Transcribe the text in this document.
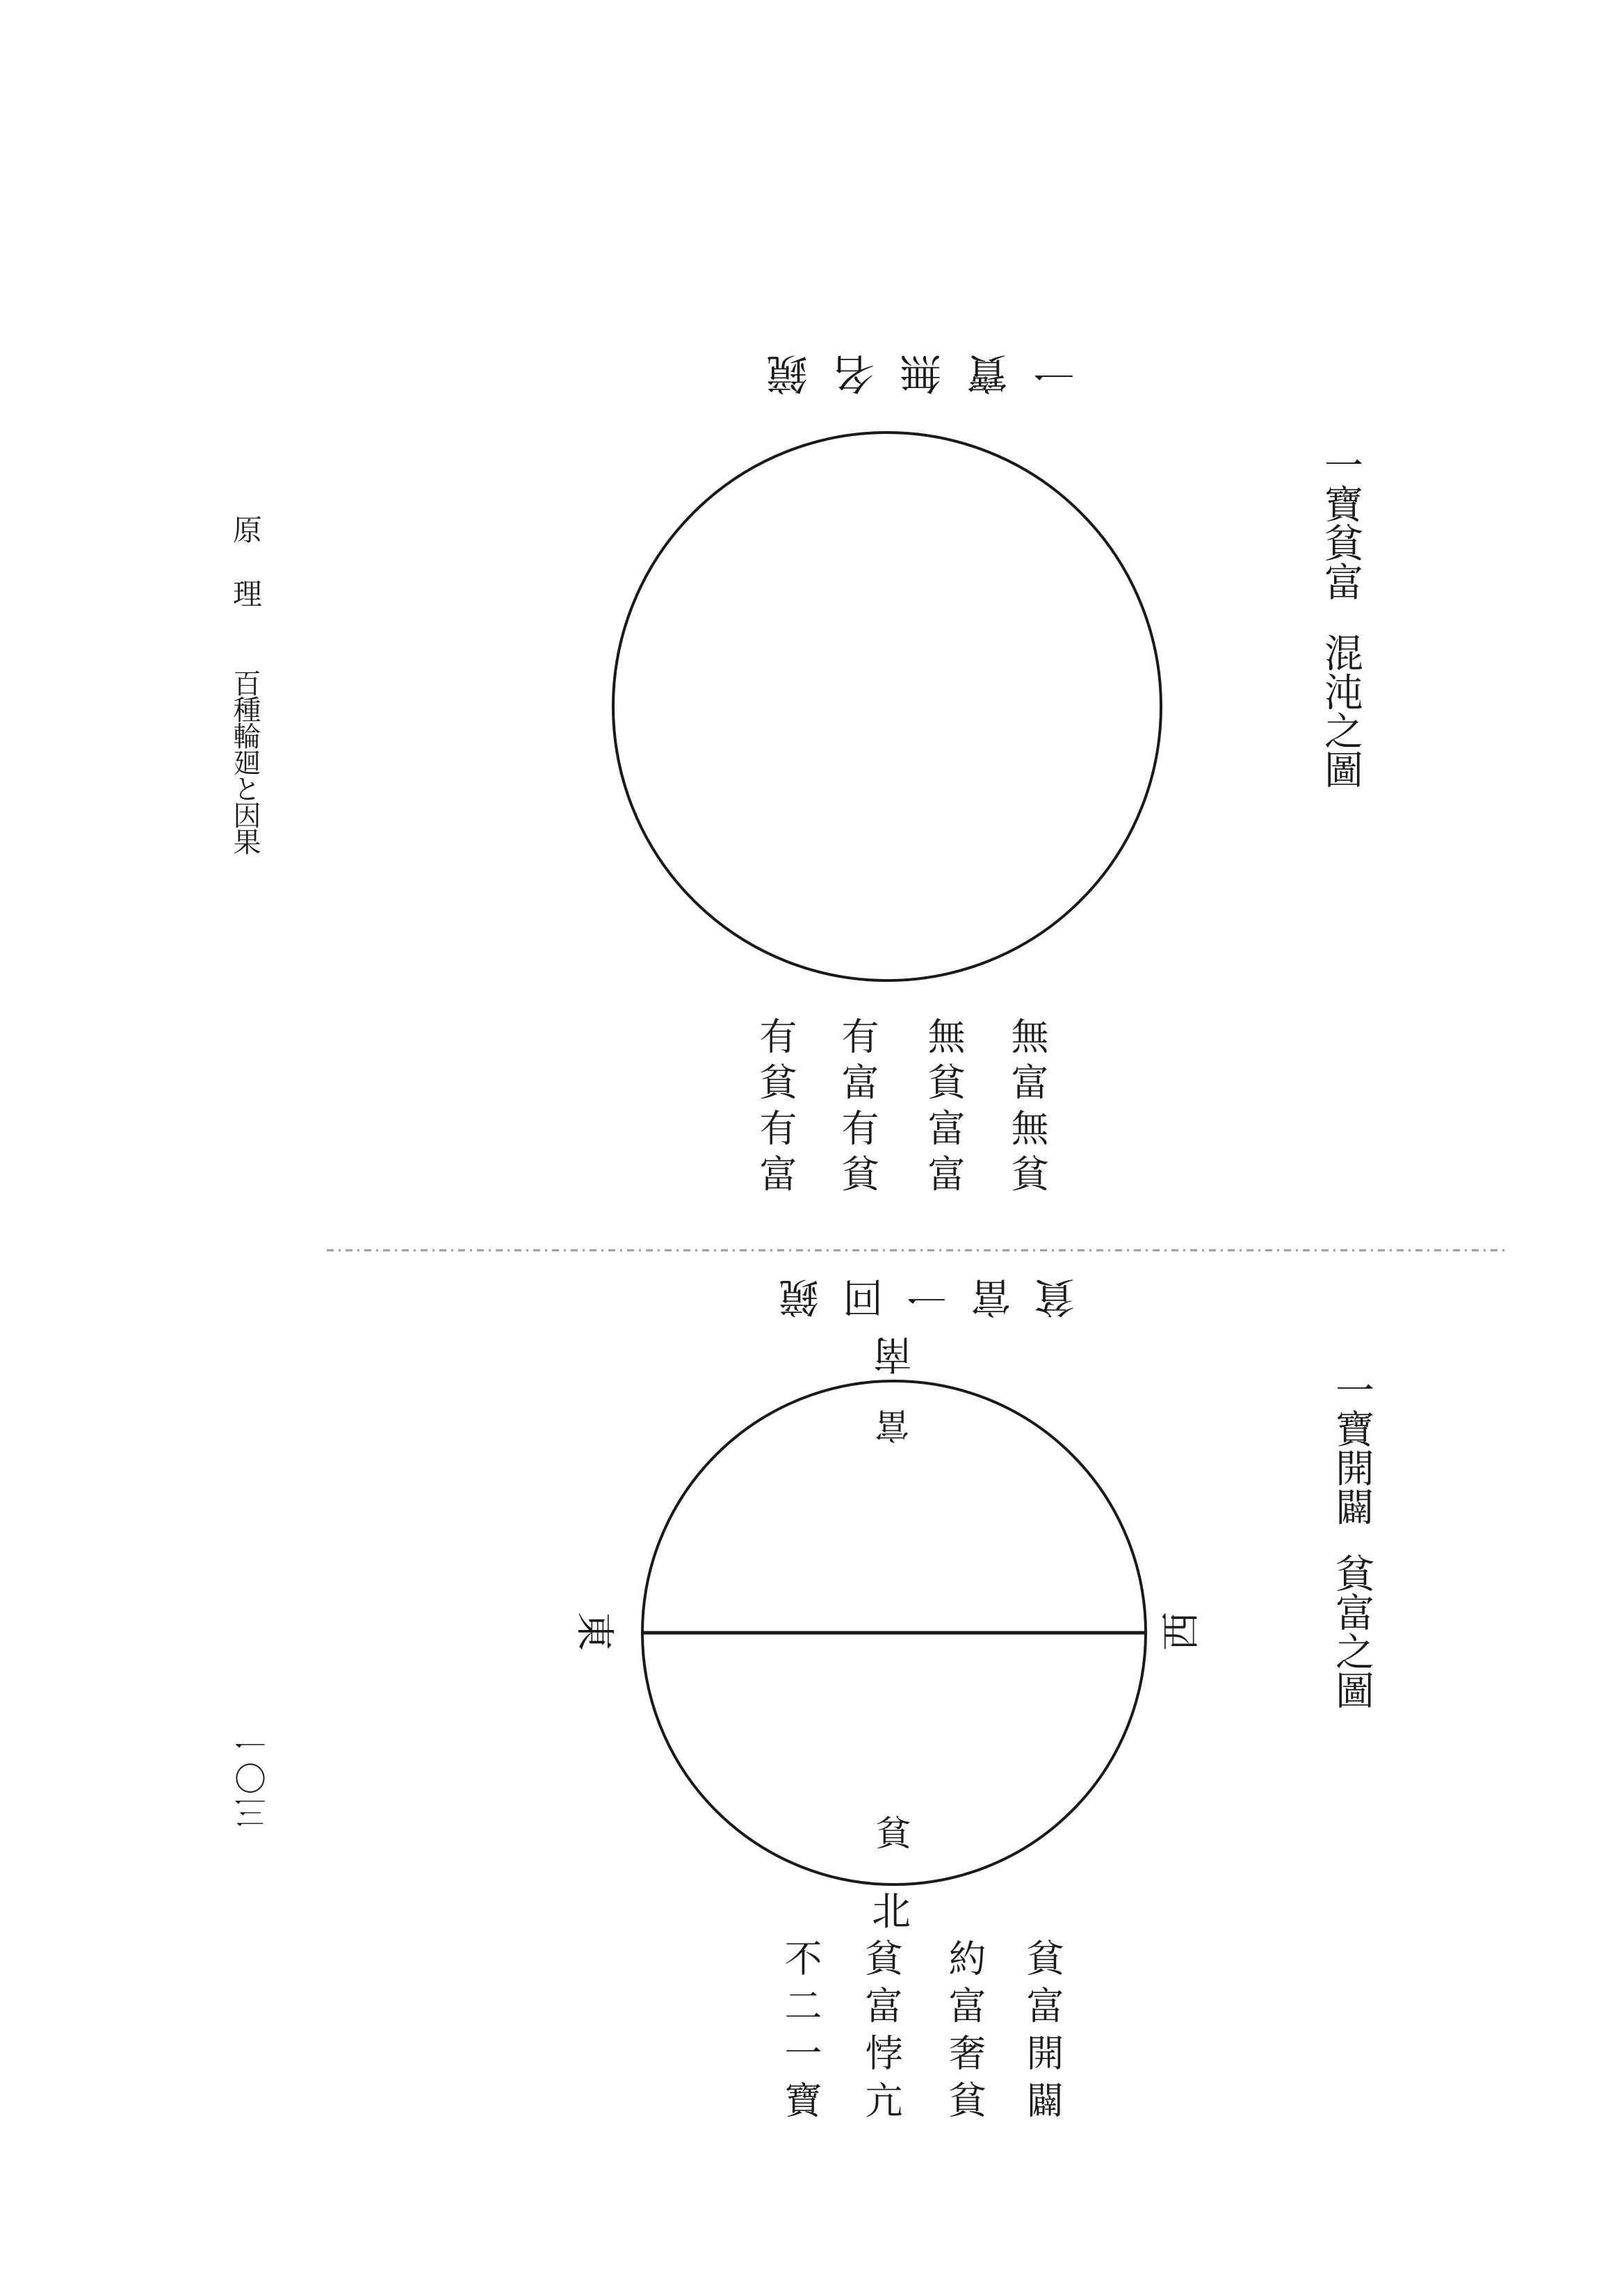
原
理
百種輪廻と因果
三〇一
一寶貧富混沌之圖
一寶無名鏡
無富無貧
無貧富富
有富有貧
有貧有富
一寶開闢貧富之圖
貧富一回鏡
南
富
東	西
貧
北
貧富開闢
約富奢貧
貧富悖亢
不二一寶
